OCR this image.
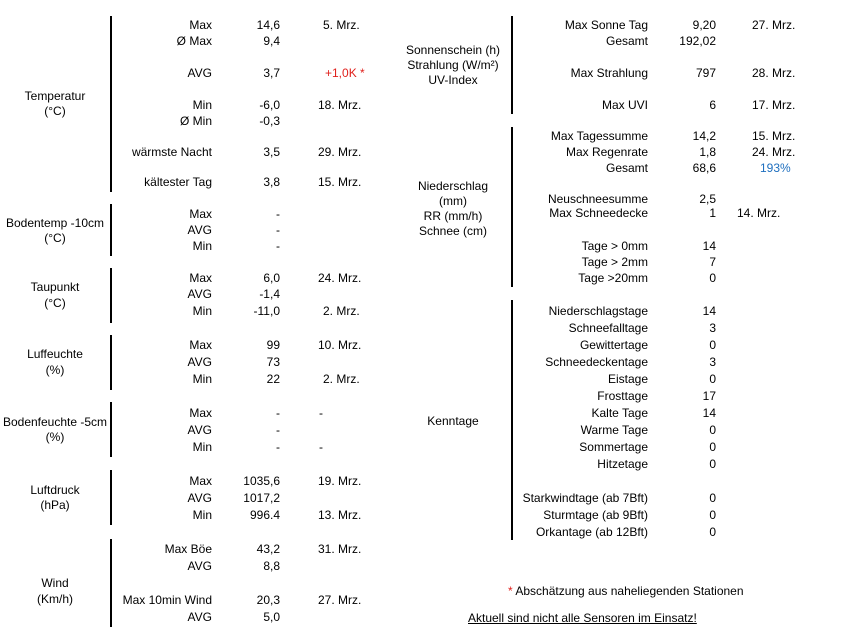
Temperatur
(°C)
Max	14,6	5. Mrz.
Ø Max	9,4
AVG	3,7	+1,0K *
Min	-6,0	18. Mrz.
Ø Min	-0,3
wärmste Nacht	3,5	29. Mrz.
kältester Tag	3,8	15. Mrz.
Bodentemp -10cm
(°C)
Max	-
AVG	-
Min	-
Taupunkt
(°C)
Max	6,0	24. Mrz.
AVG	-1,4
Min	-11,0	2. Mrz.
Luffeuchte
(%)
Max	99	10. Mrz.
AVG	73
Min	22	2. Mrz.
Bodenfeuchte -5cm
(%)
Max	-	-
AVG	-
Min	-	-
Luftdruck
(hPa)
Max	1035,6	19. Mrz.
AVG	1017,2
Min	996.4	13. Mrz.
Wind
(Km/h)
Max Böe	43,2	31. Mrz.
AVG	8,8
Max 10min Wind	20,3	27. Mrz.
AVG	5,0
Sonnenschein (h)
Strahlung (W/m²)
UV-Index
Max Sonne Tag	9,20	27. Mrz.
Gesamt	192,02
Max Strahlung	797	28. Mrz.
Max UVI	6	17. Mrz.
Niederschlag
(mm)
RR (mm/h)
Schnee (cm)
Max Tagessumme	14,2	15. Mrz.
Max Regenrate	1,8	24. Mrz.
Gesamt	68,6	193%
Neuschneesumme	2,5
Max Schneedecke	1 14. Mrz.
Tage > 0mm	14
Tage > 2mm	7
Tage >20mm	0
Kenntage
Niederschlagstage	14
Schneefalltage	3
Gewittertage	0
Schneedeckentage	3
Eistage	0
Frosttage	17
Kalte Tage	14
Warme Tage	0
Sommertage	0
Hitzetage	0
Starkwindtage (ab 7Bft)	0
Sturmtage (ab 9Bft)	0
Orkantage (ab 12Bft)	0
* Abschätzung aus naheliegenden Stationen
Aktuell sind nicht alle Sensoren im Einsatz!
